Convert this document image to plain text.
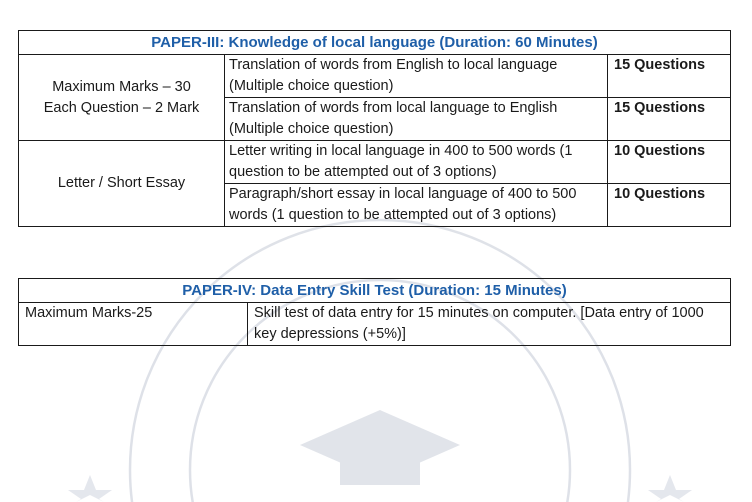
PAPER-III: Knowledge of local language (Duration: 60 Minutes)		

Maximum Marks – 30
Each Question – 2 Mark	Translation of words from English to local language (Multiple choice question)	15 Questions
	Translation of words from local language to English (Multiple choice question)	15 Questions
Letter / Short Essay	Letter writing in local language in 400 to 500 words (1 question to be attempted out of 3 options)	10 Questions
	Paragraph/short essay in local language of 400 to 500 words (1 question to be attempted out of 3 options)	10 Questions
PAPER-IV: Data Entry Skill Test (Duration: 15 Minutes)
Maximum Marks-25	Skill test of data entry for 15 minutes on computer. [Data entry of 1000 key depressions (+5%)]
